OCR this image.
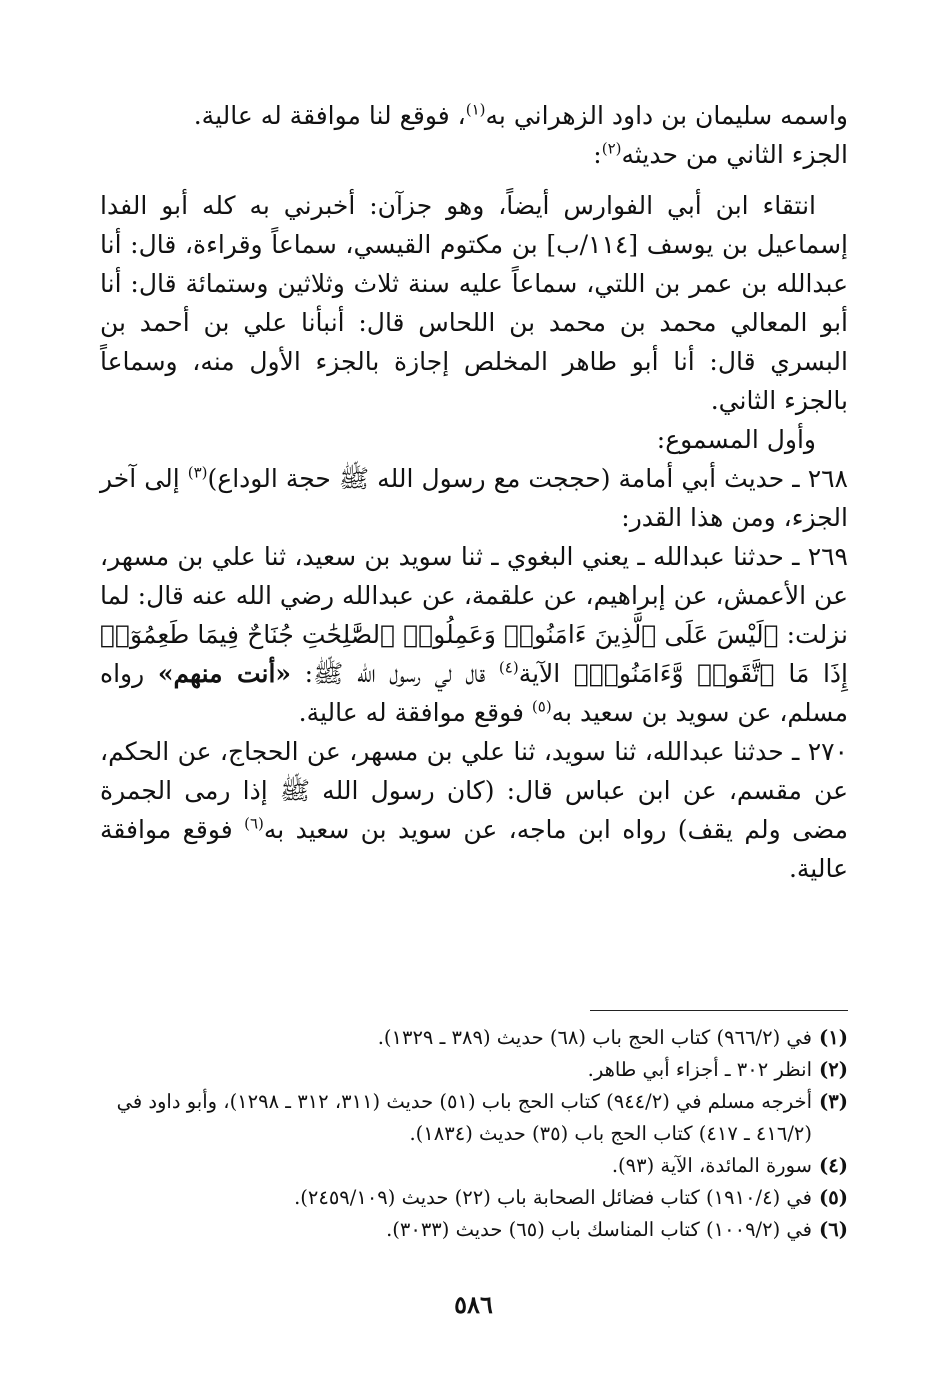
واسمه سليمان بن داود الزهراني به$^{(١)}$، فوقع لنا موافقة له عالية.

الجزء الثاني من حديثه$^{(٢)}$:

انتقاء ابن أبي الفوارس أيضاً، وهو جزآن: أخبرني به كله أبو الفدا إسماعيل بن يوسف [١١٤/ب] بن مكتوم القيسي، سماعاً وقراءة، قال: أنا عبدالله بن عمر بن اللتي، سماعاً عليه سنة ثلاث وثلاثين وستمائة قال: أنا أبو المعالي محمد بن محمد بن اللحاس قال: أنبأنا علي بن أحمد بن البسري قال: أنا أبو طاهر المخلص إجازة بالجزء الأول منه، وسماعاً بالجزء الثاني.

وأول المسموع:

٢٦٨ ـ حديث أبي أمامة (حججت مع رسول الله ﷺ حجة الوداع)$^{(٣)}$ إلى آخر الجزء، ومن هذا القدر:

٢٦٩ ـ حدثنا عبدالله ـ يعني البغوي ـ ثنا سويد بن سعيد، ثنا علي بن مسهر، عن الأعمش، عن إبراهيم، عن علقمة، عن عبدالله رضي الله عنه قال: لما نزلت: ﴿لَيْسَ عَلَى ٱلَّذِينَ ءَامَنُوا۟ وَعَمِلُوا۟ ٱلصَّٰلِحَٰتِ جُنَاحٌ فِيمَا طَعِمُوٓا۟ إِذَا مَا ٱتَّقَوا۟ وَّءَامَنُوا۟﴾ الآية$^{(٤)}$ قال لي رسول الله ﷺ: «أنت منهم» رواه مسلم، عن سويد بن سعيد به$^{(٥)}$ فوقع موافقة له عالية.

٢٧٠ ـ حدثنا عبدالله، ثنا سويد، ثنا علي بن مسهر، عن الحجاج، عن الحكم، عن مقسم، عن ابن عباس قال: (كان رسول الله ﷺ إذا رمى الجمرة مضى ولم يقف) رواه ابن ماجه، عن سويد بن سعيد به$^{(٦)}$ فوقع موافقة عالية.

(١)
في (٩٦٦/٢) كتاب الحج باب (٦٨) حديث (٣٨٩ ـ ١٣٢٩).
(٢)
انظر ٣٠٢ ـ أجزاء أبي طاهر.
(٣)
أخرجه مسلم في (٩٤٤/٢) كتاب الحج باب (٥١) حديث (٣١١، ٣١٢ ـ ١٢٩٨)، وأبو داود في (٤١٦/٢ ـ ٤١٧) كتاب الحج باب (٣٥) حديث (١٨٣٤).
(٤)
سورة المائدة، الآية (٩٣).
(٥)
في (١٩١٠/٤) كتاب فضائل الصحابة باب (٢٢) حديث (٢٤٥٩/١٠٩).
(٦)
في (١٠٠٩/٢) كتاب المناسك باب (٦٥) حديث (٣٠٣٣).
٥٨٦
